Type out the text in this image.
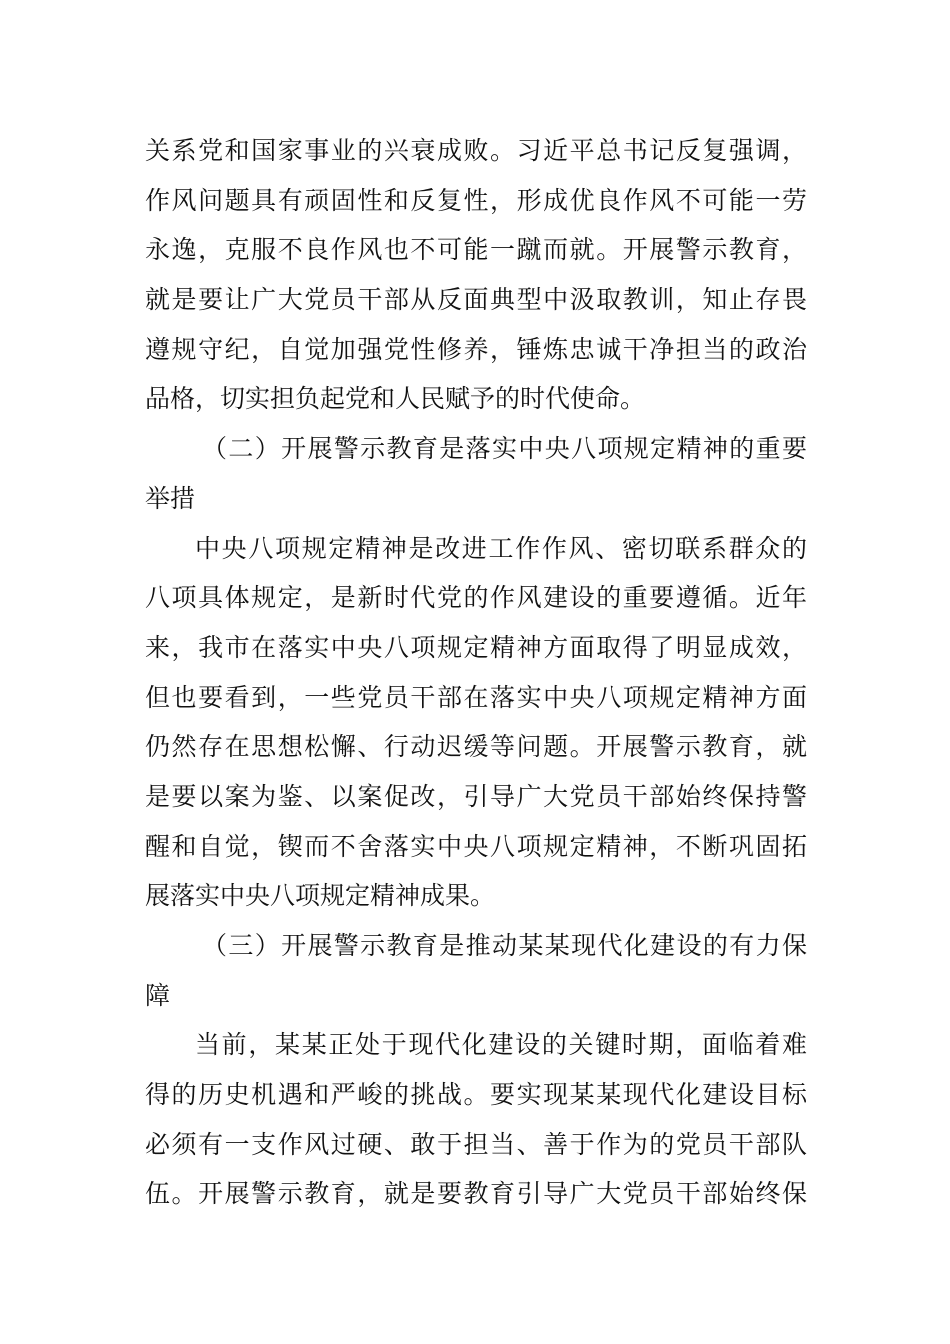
关系党和国家事业的兴衰成败。习近平总书记反复强调，
作风问题具有顽固性和反复性，形成优良作风不可能一劳
永逸，克服不良作风也不可能一蹴而就。开展警示教育，
就是要让广大党员干部从反面典型中汲取教训，知止存畏
遵规守纪，自觉加强党性修养，锤炼忠诚干净担当的政治
品格，切实担负起党和人民赋予的时代使命。
（二）开展警示教育是落实中央八项规定精神的重要
举措
中央八项规定精神是改进工作作风、密切联系群众的
八项具体规定，是新时代党的作风建设的重要遵循。近年
来，我市在落实中央八项规定精神方面取得了明显成效，
但也要看到，一些党员干部在落实中央八项规定精神方面
仍然存在思想松懈、行动迟缓等问题。开展警示教育，就
是要以案为鉴、以案促改，引导广大党员干部始终保持警
醒和自觉，锲而不舍落实中央八项规定精神，不断巩固拓
展落实中央八项规定精神成果。
（三）开展警示教育是推动某某现代化建设的有力保
障
当前，某某正处于现代化建设的关键时期，面临着难
得的历史机遇和严峻的挑战。要实现某某现代化建设目标
必须有一支作风过硬、敢于担当、善于作为的党员干部队
伍。开展警示教育，就是要教育引导广大党员干部始终保
